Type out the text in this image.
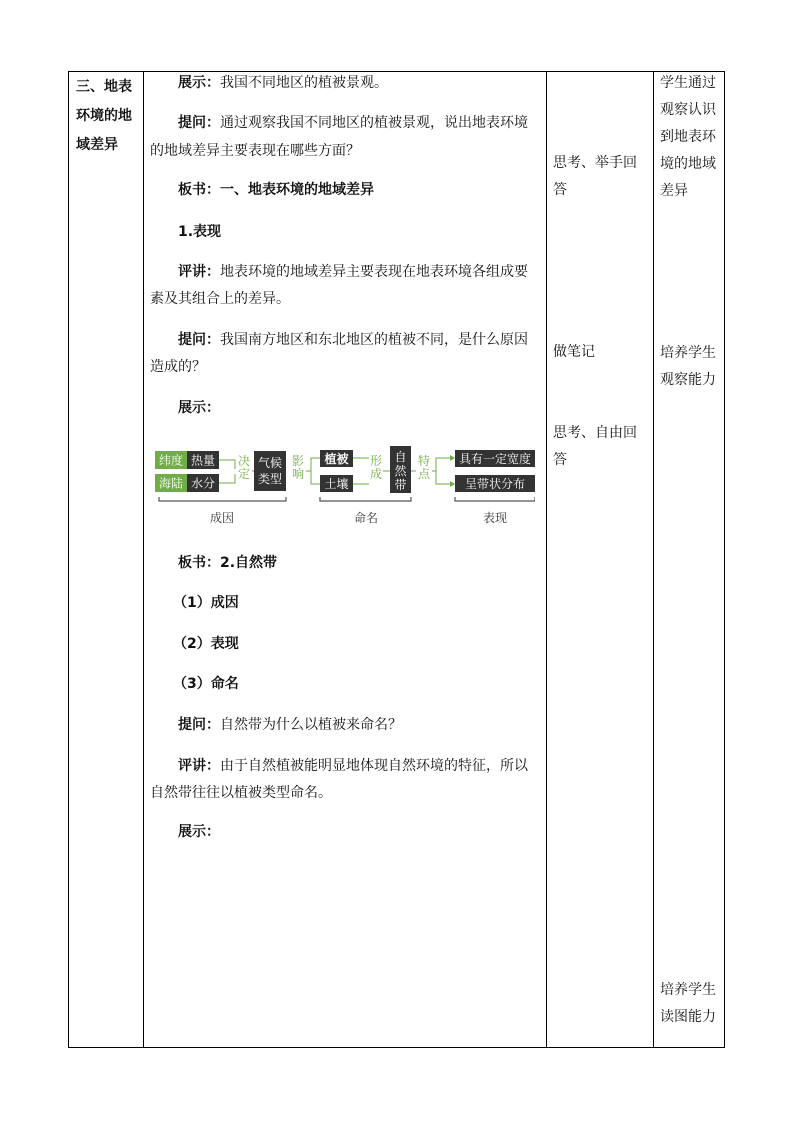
三、地表
环境的地
域差异
展示：我国不同地区的植被景观。
提问：通过观察我国不同地区的植被景观，说出地表环境
的地域差异主要表现在哪些方面？
板书：一、地表环境的地域差异
1.表现
评讲：地表环境的地域差异主要表现在地表环境各组成要
素及其组合上的差异。
提问：我国南方地区和东北地区的植被不同，是什么原因
造成的？
展示：
纬度
海陆
热量
水分
决
定
气候
类型
影
响
植被
土壤
形
成
自
然
带
特
点
具有一定宽度
呈带状分布
成因	命名	表现
板书：2.自然带
（1）成因
（2）表现
（3）命名
提问：自然带为什么以植被来命名？
评讲：由于自然植被能明显地体现自然环境的特征，所以
自然带往往以植被类型命名。
展示：
思考、举手回答
做笔记
思考、自由回答
学生通过观察认识到地表环境的地域差异
培养学生观察能力
培养学生读图能力
